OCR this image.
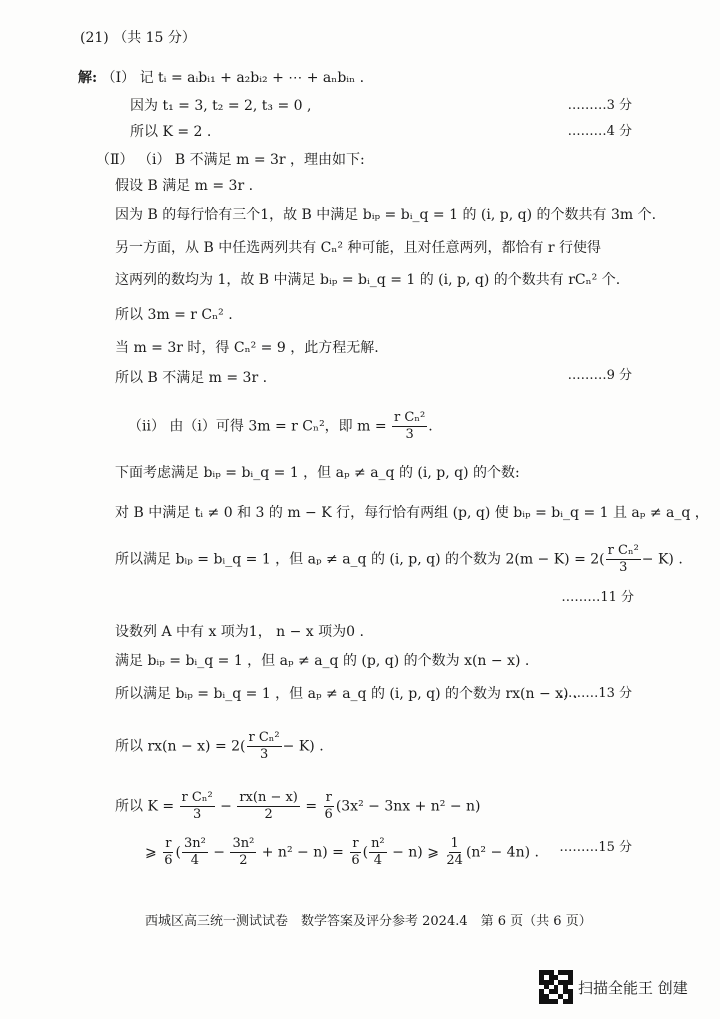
(21) （共 15 分）
解: （Ⅰ） 记 tᵢ = aᵢbᵢ₁ + a₂bᵢ₂ + ⋯ + aₙbᵢₙ .
因为 t₁ = 3, t₂ = 2, t₃ = 0 ,	………3 分
所以 K = 2 .	………4 分
（Ⅱ） （ⅰ） B 不满足 m = 3r ，理由如下:
假设 B 满足 m = 3r .
因为 B 的每行恰有三个1，故 B 中满足 bᵢₚ = bᵢ_q = 1 的 (i, p, q) 的个数共有 3m 个.
另一方面，从 B 中任选两列共有 Cₙ² 种可能，且对任意两列，都恰有 r 行使得
这两列的数均为 1，故 B 中满足 bᵢₚ = bᵢ_q = 1 的 (i, p, q) 的个数共有 rCₙ² 个.
所以 3m = r Cₙ² .
当 m = 3r 时，得 Cₙ² = 9 ，此方程无解.
所以 B 不满足 m = 3r .	………9 分
（ⅱ） 由（ⅰ）可得 3m = r Cₙ²，即 $m = \frac{\text{r Cₙ²}}{3}$ .
下面考虑满足 bᵢₚ = bᵢ_q = 1 ，但 aₚ ≠ a_q 的 (i, p, q) 的个数:
对 B 中满足 tᵢ ≠ 0 和 3 的 m − K 行，每行恰有两组 (p, q) 使 bᵢₚ = bᵢ_q = 1 且 aₚ ≠ a_q ，
所以满足 bᵢₚ = bᵢ_q = 1 ，但 aₚ ≠ a_q 的 (i, p, q) 的个数为 $2(m - K) = 2( \frac{\text{r Cₙ²}}{3} - K)$ .
………11 分
设数列 A 中有 x 项为1， n − x 项为0 .
满足 bᵢₚ = bᵢ_q = 1 ，但 aₚ ≠ a_q 的 (p, q) 的个数为 x(n − x) .
所以满足 bᵢₚ = bᵢ_q = 1 ，但 aₚ ≠ a_q 的 (i, p, q) 的个数为 rx(n − x) .
………13 分
所以 $rx(n - x) = 2( \frac{\text{r Cₙ²}}{3} - K)$ .
所以 $K = \frac{\text{r Cₙ²}}{3} - \frac{rx(n - x)}{2} = \frac{r}{6} (3x^2 - 3nx + n^2 - n)$
⩾ $\frac{r}{6}$ ( $\frac{\text{3n²}}{4} - \frac{\text{3n²}}{2} + n^2 - n) = \frac{r}{6}$ ( $\frac{\text{n²}}{4} - n$) ⩾ $\frac{1}{24} (n^2 - 4n)$ . ………15 分
西城区高三统一测试试卷　数学答案及评分参考 2024.4　第 6 页（共 6 页）
扫描全能王 创建
